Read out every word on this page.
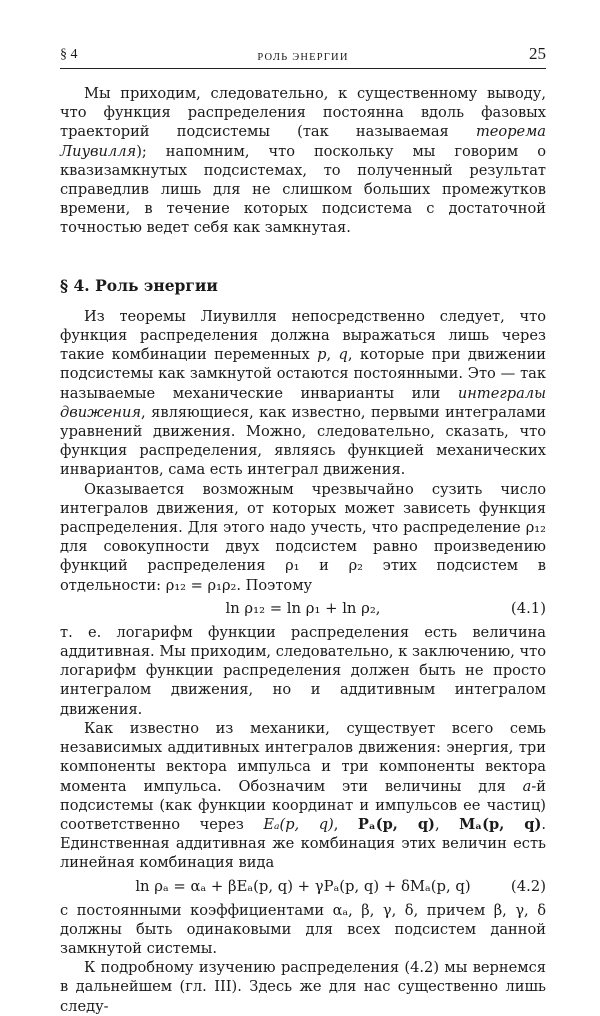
§ 4	РОЛЬ ЭНЕРГИИ	25

Мы приходим, следовательно, к существенному выводу, что функция распределения постоянна вдоль фазовых траекторий подсистемы (так называемая теорема Лиувилля); напомним, что поскольку мы говорим о квазизамкнутых подсистемах, то полученный результат справедлив лишь для не слишком больших промежутков времени, в течение которых подсистема с достаточной точностью ведет себя как замкнутая.

§ 4. Роль энергии

Из теоремы Лиувилля непосредственно следует, что функция распределения должна выражаться лишь через такие комбинации переменных p, q, которые при движении подсистемы как замкнутой остаются постоянными. Это — так называемые механические инварианты или интегралы движения, являющиеся, как известно, первыми интегралами уравнений движения. Можно, следовательно, сказать, что функция распределения, являясь функцией механических инвариантов, сама есть интеграл движения.

Оказывается возможным чрезвычайно сузить число интегралов движения, от которых может зависеть функция распределения. Для этого надо учесть, что распределение ρ₁₂ для совокупности двух подсистем равно произведению функций распределения ρ₁ и ρ₂ этих подсистем в отдельности: ρ₁₂ = ρ₁ρ₂. Поэтому

ln ρ₁₂ = ln ρ₁ + ln ρ₂,	(4.1)

т. е. логарифм функции распределения есть величина аддитивная. Мы приходим, следовательно, к заключению, что логарифм функции распределения должен быть не просто интегралом движения, но и аддитивным интегралом движения.

Как известно из механики, существует всего семь независимых аддитивных интегралов движения: энергия, три компоненты вектора импульса и три компоненты вектора момента импульса. Обозначим эти величины для a-й подсистемы (как функции координат и импульсов ее частиц) соответственно через Eₐ(p, q), Pₐ(p, q), Mₐ(p, q). Единственная аддитивная же комбинация этих величин есть линейная комбинация вида

ln ρₐ = αₐ + βEₐ(p, q) + γPₐ(p, q) + δMₐ(p, q)	(4.2)

с постоянными коэффициентами αₐ, β, γ, δ, причем β, γ, δ должны быть одинаковыми для всех подсистем данной замкнутой системы.

К подробному изучению распределения (4.2) мы вернемся в дальнейшем (гл. III). Здесь же для нас существенно лишь следу-
